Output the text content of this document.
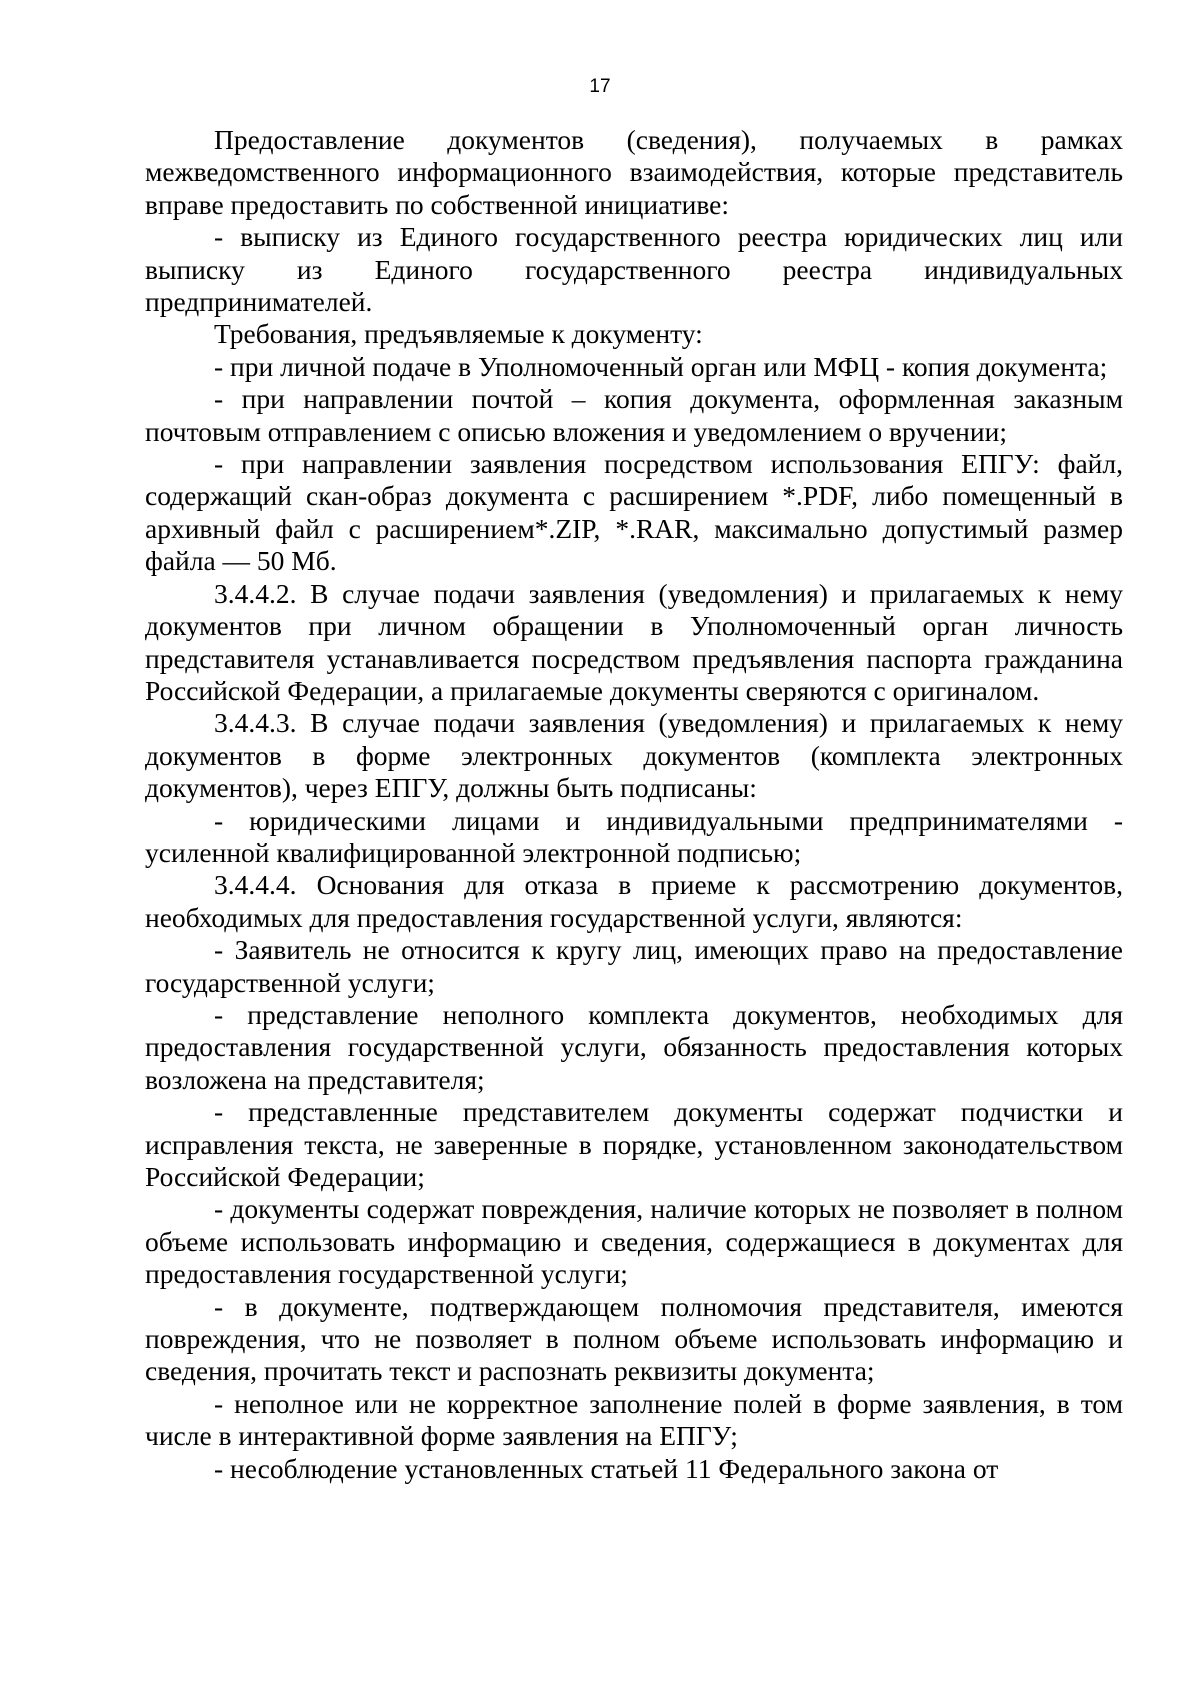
17

Предоставление документов (сведения), получаемых в рамках межведомственного информационного взаимодействия, которые представитель вправе предоставить по собственной инициативе:

- выписку из Единого государственного реестра юридических лиц или выписку из Единого государственного реестра индивидуальных предпринимателей.

Требования, предъявляемые к документу:

- при личной подаче в Уполномоченный орган или МФЦ - копия документа;

- при направлении почтой – копия документа, оформленная заказным почтовым отправлением с описью вложения и уведомлением о вручении;

- при направлении заявления посредством использования ЕПГУ: файл, содержащий скан-образ документа с расширением *.PDF, либо помещенный в архивный файл с расширением*.ZIP, *.RAR, максимально допустимый размер файла — 50 Мб.

3.4.4.2. В случае подачи заявления (уведомления) и прилагаемых к нему документов при личном обращении в Уполномоченный орган личность представителя устанавливается посредством предъявления паспорта гражданина Российской Федерации, а прилагаемые документы сверяются с оригиналом.

3.4.4.3. В случае подачи заявления (уведомления) и прилагаемых к нему документов в форме электронных документов (комплекта электронных документов), через ЕПГУ, должны быть подписаны:

- юридическими лицами и индивидуальными предпринимателями - усиленной квалифицированной электронной подписью;

3.4.4.4. Основания для отказа в приеме к рассмотрению документов, необходимых для предоставления государственной услуги, являются:

- Заявитель не относится к кругу лиц, имеющих право на предоставление государственной услуги;

- представление неполного комплекта документов, необходимых для предоставления государственной услуги, обязанность предоставления которых возложена на представителя;

- представленные представителем документы содержат подчистки и исправления текста, не заверенные в порядке, установленном законодательством Российской Федерации;

- документы содержат повреждения, наличие которых не позволяет в полном объеме использовать информацию и сведения, содержащиеся в документах для предоставления государственной услуги;

- в документе, подтверждающем полномочия представителя, имеются повреждения, что не позволяет в полном объеме использовать информацию и сведения, прочитать текст и распознать реквизиты документа;

- неполное или не корректное заполнение полей в форме заявления, в том числе в интерактивной форме заявления на ЕПГУ;

- несоблюдение установленных статьей 11 Федерального закона от
